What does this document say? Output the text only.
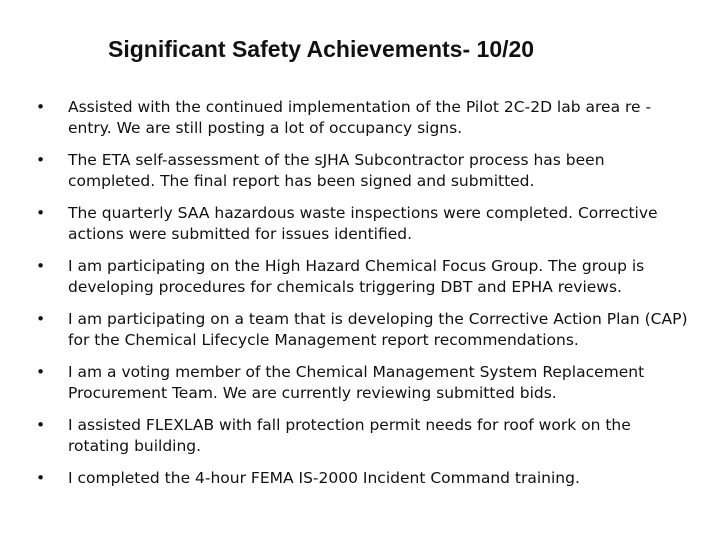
Significant Safety Achievements- 10/20
• Assisted with the continued implementation of the Pilot 2C-2D lab area re -entry. We are still posting a lot of occupancy signs.
• The ETA self-assessment of the sJHA Subcontractor process has been completed. The final report has been signed and submitted.
• The quarterly SAA hazardous waste inspections were completed. Corrective actions were submitted for issues identified.
• I am participating on the High Hazard Chemical Focus Group. The group is developing procedures for chemicals triggering DBT and EPHA reviews.
• I am participating on a team that is developing the Corrective Action Plan (CAP) for the Chemical Lifecycle Management report recommendations.
• I am a voting member of the Chemical Management System Replacement Procurement Team. We are currently reviewing submitted bids.
• I assisted FLEXLAB with fall protection permit needs for roof work on the rotating building.
• I completed the 4-hour FEMA IS-2000 Incident Command training.
